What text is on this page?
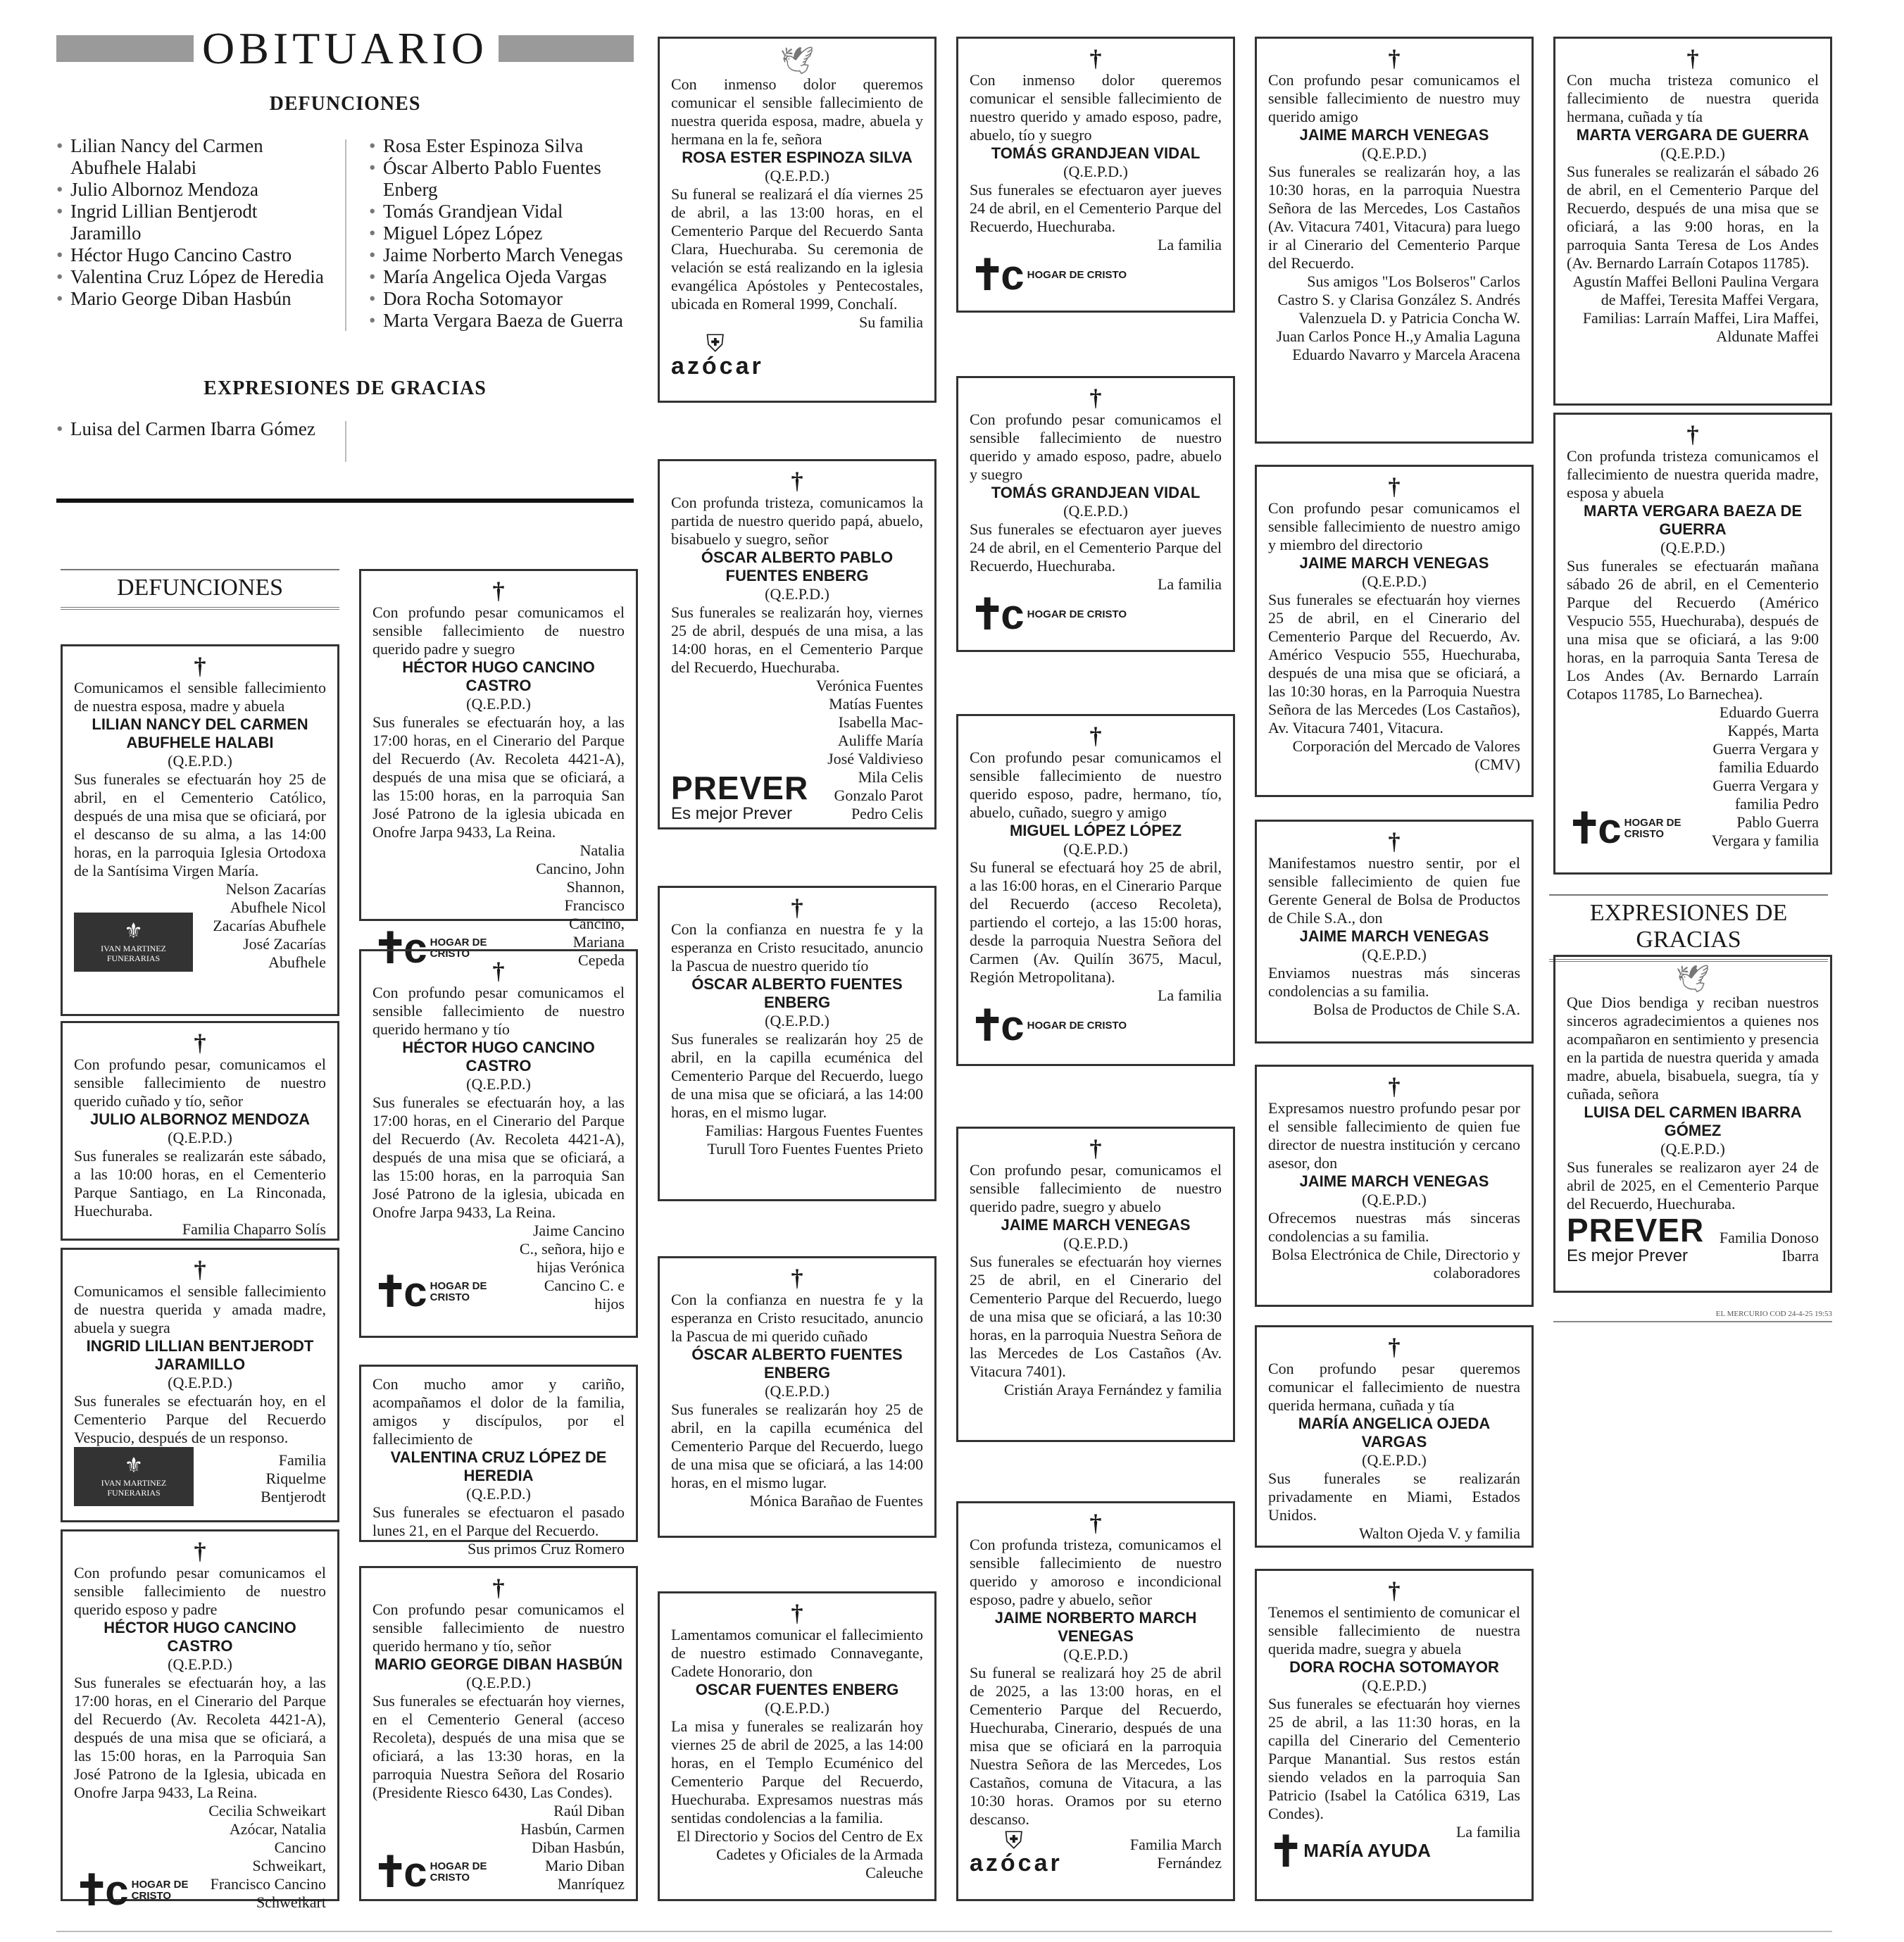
OBITUARIO
DEFUNCIONES
• Lilian Nancy del Carmen Abufhele Halabi
• Julio Albornoz Mendoza
• Ingrid Lillian Bentjerodt Jaramillo
• Héctor Hugo Cancino Castro
• Valentina Cruz López de Heredia
• Mario George Diban Hasbún
• Rosa Ester Espinoza Silva
• Óscar Alberto Pablo Fuentes Enberg
• Tomás Grandjean Vidal
• Miguel López López
• Jaime Norberto March Venegas
• María Angelica Ojeda Vargas
• Dora Rocha Sotomayor
• Marta Vergara Baeza de Guerra
EXPRESIONES DE GRACIAS
• Luisa del Carmen Ibarra Gómez
DEFUNCIONES
EXPRESIONES DE GRACIAS
†
Comunicamos el sensible fallecimiento de nuestra esposa, madre y abuela
LILIAN NANCY DEL CARMEN ABUFHELE HALABI
(Q.E.P.D.)
Sus funerales se efectuarán hoy 25 de abril, en el Cementerio Católico, después de una misa que se oficiará, por el descanso de su alma, a las 14:00 horas, en la parroquia Iglesia Ortodoxa de la Santísima Virgen María.
⚜
IVAN MARTINEZ FUNERARIAS
Nelson Zacarías Abufhele Nicol Zacarías Abufhele José Zacarías Abufhele
†
Con profundo pesar, comunicamos el sensible fallecimiento de nuestro querido cuñado y tío, señor
JULIO ALBORNOZ MENDOZA
(Q.E.P.D.)
Sus funerales se realizarán este sábado, a las 10:00 horas, en el Cementerio Parque Santiago, en La Rinconada, Huechuraba.
Familia Chaparro Solís
†
Comunicamos el sensible fallecimiento de nuestra querida y amada madre, abuela y suegra
INGRID LILLIAN BENTJERODT JARAMILLO
(Q.E.P.D.)
Sus funerales se efectuarán hoy, en el Cementerio Parque del Recuerdo Vespucio, después de un responso.
⚜
IVAN MARTINEZ FUNERARIAS
Familia Riquelme Bentjerodt
†
Con profundo pesar comunicamos el sensible fallecimiento de nuestro querido esposo y padre
HÉCTOR HUGO CANCINO CASTRO
(Q.E.P.D.)
Sus funerales se efectuarán hoy, a las 17:00 horas, en el Cinerario del Parque del Recuerdo (Av. Recoleta 4421-A), después de una misa que se oficiará, a las 15:00 horas, en la Parroquia San José Patrono de la Iglesia, ubicada en Onofre Jarpa 9433, La Reina.
✝c HOGAR DE CRISTO
Cecilia Schweikart Azócar, Natalia Cancino Schweikart, Francisco Cancino Schweikart
†
Con profundo pesar comunicamos el sensible fallecimiento de nuestro querido padre y suegro
HÉCTOR HUGO CANCINO CASTRO
(Q.E.P.D.)
Sus funerales se efectuarán hoy, a las 17:00 horas, en el Cinerario del Parque del Recuerdo (Av. Recoleta 4421-A), después de una misa que se oficiará, a las 15:00 horas, en la parroquia San José Patrono de la iglesia ubicada en Onofre Jarpa 9433, La Reina.
✝c HOGAR DE CRISTO
Natalia Cancino, John Shannon, Francisco Cancino, Mariana Cepeda
†
Con profundo pesar comunicamos el sensible fallecimiento de nuestro querido hermano y tío
HÉCTOR HUGO CANCINO CASTRO
(Q.E.P.D.)
Sus funerales se efectuarán hoy, a las 17:00 horas, en el Cinerario del Parque del Recuerdo (Av. Recoleta 4421-A), después de una misa que se oficiará, a las 15:00 horas, en la parroquia San José Patrono de la iglesia, ubicada en Onofre Jarpa 9433, La Reina.
✝c HOGAR DE CRISTO
Jaime Cancino C., señora, hijo e hijas Verónica Cancino C. e hijos
Con mucho amor y cariño, acompañamos el dolor de la familia, amigos y discípulos, por el fallecimiento de
VALENTINA CRUZ LÓPEZ DE HEREDIA
(Q.E.P.D.)
Sus funerales se efectuaron el pasado lunes 21, en el Parque del Recuerdo.
Sus primos Cruz Romero
†
Con profundo pesar comunicamos el sensible fallecimiento de nuestro querido hermano y tío, señor
MARIO GEORGE DIBAN HASBÚN
(Q.E.P.D.)
Sus funerales se efectuarán hoy viernes, en el Cementerio General (acceso Recoleta), después de una misa que se oficiará, a las 13:30 horas, en la parroquia Nuestra Señora del Rosario (Presidente Riesco 6430, Las Condes).
✝c HOGAR DE CRISTO
Raúl Diban Hasbún, Carmen Diban Hasbún, Mario Diban Manríquez
🕊
Con inmenso dolor queremos comunicar el sensible fallecimiento de nuestra querida esposa, madre, abuela y hermana en la fe, señora
ROSA ESTER ESPINOZA SILVA
(Q.E.P.D.)
Su funeral se realizará el día viernes 25 de abril, a las 13:00 horas, en el Cementerio Parque del Recuerdo Santa Clara, Huechuraba. Su ceremonia de velación se está realizando en la iglesia evangélica Apóstoles y Pentecostales, ubicada en Romeral 1999, Conchalí.
Su familia
⛨
azócar
†
Con profunda tristeza, comunicamos la partida de nuestro querido papá, abuelo, bisabuelo y suegro, señor
ÓSCAR ALBERTO PABLO FUENTES ENBERG
(Q.E.P.D.)
Sus funerales se realizarán hoy, viernes 25 de abril, después de una misa, a las 14:00 horas, en el Cementerio Parque del Recuerdo, Huechuraba.
PREVER
Es mejor Prever
Verónica Fuentes Matías Fuentes Isabella Mac-Auliffe María José Valdivieso Mila Celis Gonzalo Parot Pedro Celis
†
Con la confianza en nuestra fe y la esperanza en Cristo resucitado, anuncio la Pascua de nuestro querido tío
ÓSCAR ALBERTO FUENTES ENBERG
(Q.E.P.D.)
Sus funerales se realizarán hoy 25 de abril, en la capilla ecuménica del Cementerio Parque del Recuerdo, luego de una misa que se oficiará, a las 14:00 horas, en el mismo lugar.
Familias: Hargous Fuentes Fuentes Turull Toro Fuentes Fuentes Prieto
†
Con la confianza en nuestra fe y la esperanza en Cristo resucitado, anuncio la Pascua de mi querido cuñado
ÓSCAR ALBERTO FUENTES ENBERG
(Q.E.P.D.)
Sus funerales se realizarán hoy 25 de abril, en la capilla ecuménica del Cementerio Parque del Recuerdo, luego de una misa que se oficiará, a las 14:00 horas, en el mismo lugar.
Mónica Barañao de Fuentes
†
Lamentamos comunicar el fallecimiento de nuestro estimado Connavegante, Cadete Honorario, don
OSCAR FUENTES ENBERG
(Q.E.P.D.)
La misa y funerales se realizarán hoy viernes 25 de abril de 2025, a las 14:00 horas, en el Templo Ecuménico del Cementerio Parque del Recuerdo, Huechuraba. Expresamos nuestras más sentidas condolencias a la familia.
El Directorio y Socios del Centro de Ex Cadetes y Oficiales de la Armada Caleuche
†
Con inmenso dolor queremos comunicar el sensible fallecimiento de nuestro querido y amado esposo, padre, abuelo, tío y suegro
TOMÁS GRANDJEAN VIDAL
(Q.E.P.D.)
Sus funerales se efectuaron ayer jueves 24 de abril, en el Cementerio Parque del Recuerdo, Huechuraba.
La familia
✝c HOGAR DE CRISTO
†
Con profundo pesar comunicamos el sensible fallecimiento de nuestro querido y amado esposo, padre, abuelo y suegro
TOMÁS GRANDJEAN VIDAL
(Q.E.P.D.)
Sus funerales se efectuaron ayer jueves 24 de abril, en el Cementerio Parque del Recuerdo, Huechuraba.
La familia
✝c HOGAR DE CRISTO
†
Con profundo pesar comunicamos el sensible fallecimiento de nuestro querido esposo, padre, hermano, tío, abuelo, cuñado, suegro y amigo
MIGUEL LÓPEZ LÓPEZ
(Q.E.P.D.)
Su funeral se efectuará hoy 25 de abril, a las 16:00 horas, en el Cinerario Parque del Recuerdo (acceso Recoleta), partiendo el cortejo, a las 15:00 horas, desde la parroquia Nuestra Señora del Carmen (Av. Quilín 3675, Macul, Región Metropolitana).
La familia
✝c HOGAR DE CRISTO
†
Con profundo pesar, comunicamos el sensible fallecimiento de nuestro querido padre, suegro y abuelo
JAIME MARCH VENEGAS
(Q.E.P.D.)
Sus funerales se efectuarán hoy viernes 25 de abril, en el Cinerario del Cementerio Parque del Recuerdo, luego de una misa que se oficiará, a las 10:30 horas, en la parroquia Nuestra Señora de las Mercedes de Los Castaños (Av. Vitacura 7401).
Cristián Araya Fernández y familia
†
Con profunda tristeza, comunicamos el sensible fallecimiento de nuestro querido y amoroso e incondicional esposo, padre y abuelo, señor
JAIME NORBERTO MARCH VENEGAS
(Q.E.P.D.)
Su funeral se realizará hoy 25 de abril de 2025, a las 13:00 horas, en el Cementerio Parque del Recuerdo, Huechuraba, Cinerario, después de una misa que se oficiará en la parroquia Nuestra Señora de las Mercedes, Los Castaños, comuna de Vitacura, a las 10:30 horas. Oramos por su eterno descanso.
⛨
azócar
Familia March Fernández
†
Con profundo pesar comunicamos el sensible fallecimiento de nuestro muy querido amigo
JAIME MARCH VENEGAS
(Q.E.P.D.)
Sus funerales se realizarán hoy, a las 10:30 horas, en la parroquia Nuestra Señora de las Mercedes, Los Castaños (Av. Vitacura 7401, Vitacura) para luego ir al Cinerario del Cementerio Parque del Recuerdo.
Sus amigos "Los Bolseros" Carlos Castro S. y Clarisa González S. Andrés Valenzuela D. y Patricia Concha W. Juan Carlos Ponce H.,y Amalia Laguna Eduardo Navarro y Marcela Aracena
†
Con profundo pesar comunicamos el sensible fallecimiento de nuestro amigo y miembro del directorio
JAIME MARCH VENEGAS
(Q.E.P.D.)
Sus funerales se efectuarán hoy viernes 25 de abril, en el Cinerario del Cementerio Parque del Recuerdo, Av. Américo Vespucio 555, Huechuraba, después de una misa que se oficiará, a las 10:30 horas, en la Parroquia Nuestra Señora de las Mercedes (Los Castaños), Av. Vitacura 7401, Vitacura.
Corporación del Mercado de Valores (CMV)
†
Manifestamos nuestro sentir, por el sensible fallecimiento de quien fue Gerente General de Bolsa de Productos de Chile S.A., don
JAIME MARCH VENEGAS
(Q.E.P.D.)
Enviamos nuestras más sinceras condolencias a su familia.
Bolsa de Productos de Chile S.A.
†
Expresamos nuestro profundo pesar por el sensible fallecimiento de quien fue director de nuestra institución y cercano asesor, don
JAIME MARCH VENEGAS
(Q.E.P.D.)
Ofrecemos nuestras más sinceras condolencias a su familia.
Bolsa Electrónica de Chile, Directorio y colaboradores
†
Con profundo pesar queremos comunicar el fallecimiento de nuestra querida hermana, cuñada y tía
MARÍA ANGELICA OJEDA VARGAS
(Q.E.P.D.)
Sus funerales se realizarán privadamente en Miami, Estados Unidos.
Walton Ojeda V. y familia
†
Tenemos el sentimiento de comunicar el sensible fallecimiento de nuestra querida madre, suegra y abuela
DORA ROCHA SOTOMAYOR
(Q.E.P.D.)
Sus funerales se efectuarán hoy viernes 25 de abril, a las 11:30 horas, en la capilla del Cinerario del Cementerio Parque Manantial. Sus restos están siendo velados en la parroquia San Patricio (Isabel la Católica 6319, Las Condes).
La familia
✝MARÍA AYUDA
†
Con mucha tristeza comunico el fallecimiento de nuestra querida hermana, cuñada y tía
MARTA VERGARA DE GUERRA
(Q.E.P.D.)
Sus funerales se realizarán el sábado 26 de abril, en el Cementerio Parque del Recuerdo, después de una misa que se oficiará, a las 9:00 horas, en la parroquia Santa Teresa de Los Andes (Av. Bernardo Larraín Cotapos 11785).
Agustín Maffei Belloni Paulina Vergara de Maffei, Teresita Maffei Vergara, Familias: Larraín Maffei, Lira Maffei, Aldunate Maffei
†
Con profunda tristeza comunicamos el fallecimiento de nuestra querida madre, esposa y abuela
MARTA VERGARA BAEZA DE GUERRA
(Q.E.P.D.)
Sus funerales se efectuarán mañana sábado 26 de abril, en el Cementerio Parque del Recuerdo (Américo Vespucio 555, Huechuraba), después de una misa que se oficiará, a las 9:00 horas, en la parroquia Santa Teresa de Los Andes (Av. Bernardo Larraín Cotapos 11785, Lo Barnechea).
✝c HOGAR DE CRISTO
Eduardo Guerra Kappés, Marta Guerra Vergara y familia Eduardo Guerra Vergara y familia Pedro Pablo Guerra Vergara y familia
🕊
Que Dios bendiga y reciban nuestros sinceros agradecimientos a quienes nos acompañaron en sentimiento y presencia en la partida de nuestra querida y amada madre, abuela, bisabuela, suegra, tía y cuñada, señora
LUISA DEL CARMEN IBARRA GÓMEZ
(Q.E.P.D.)
Sus funerales se realizaron ayer 24 de abril de 2025, en el Cementerio Parque del Recuerdo, Huechuraba.
PREVER
Es mejor Prever
Familia Donoso Ibarra
EL MERCURIO COD 24-4-25 19:53
